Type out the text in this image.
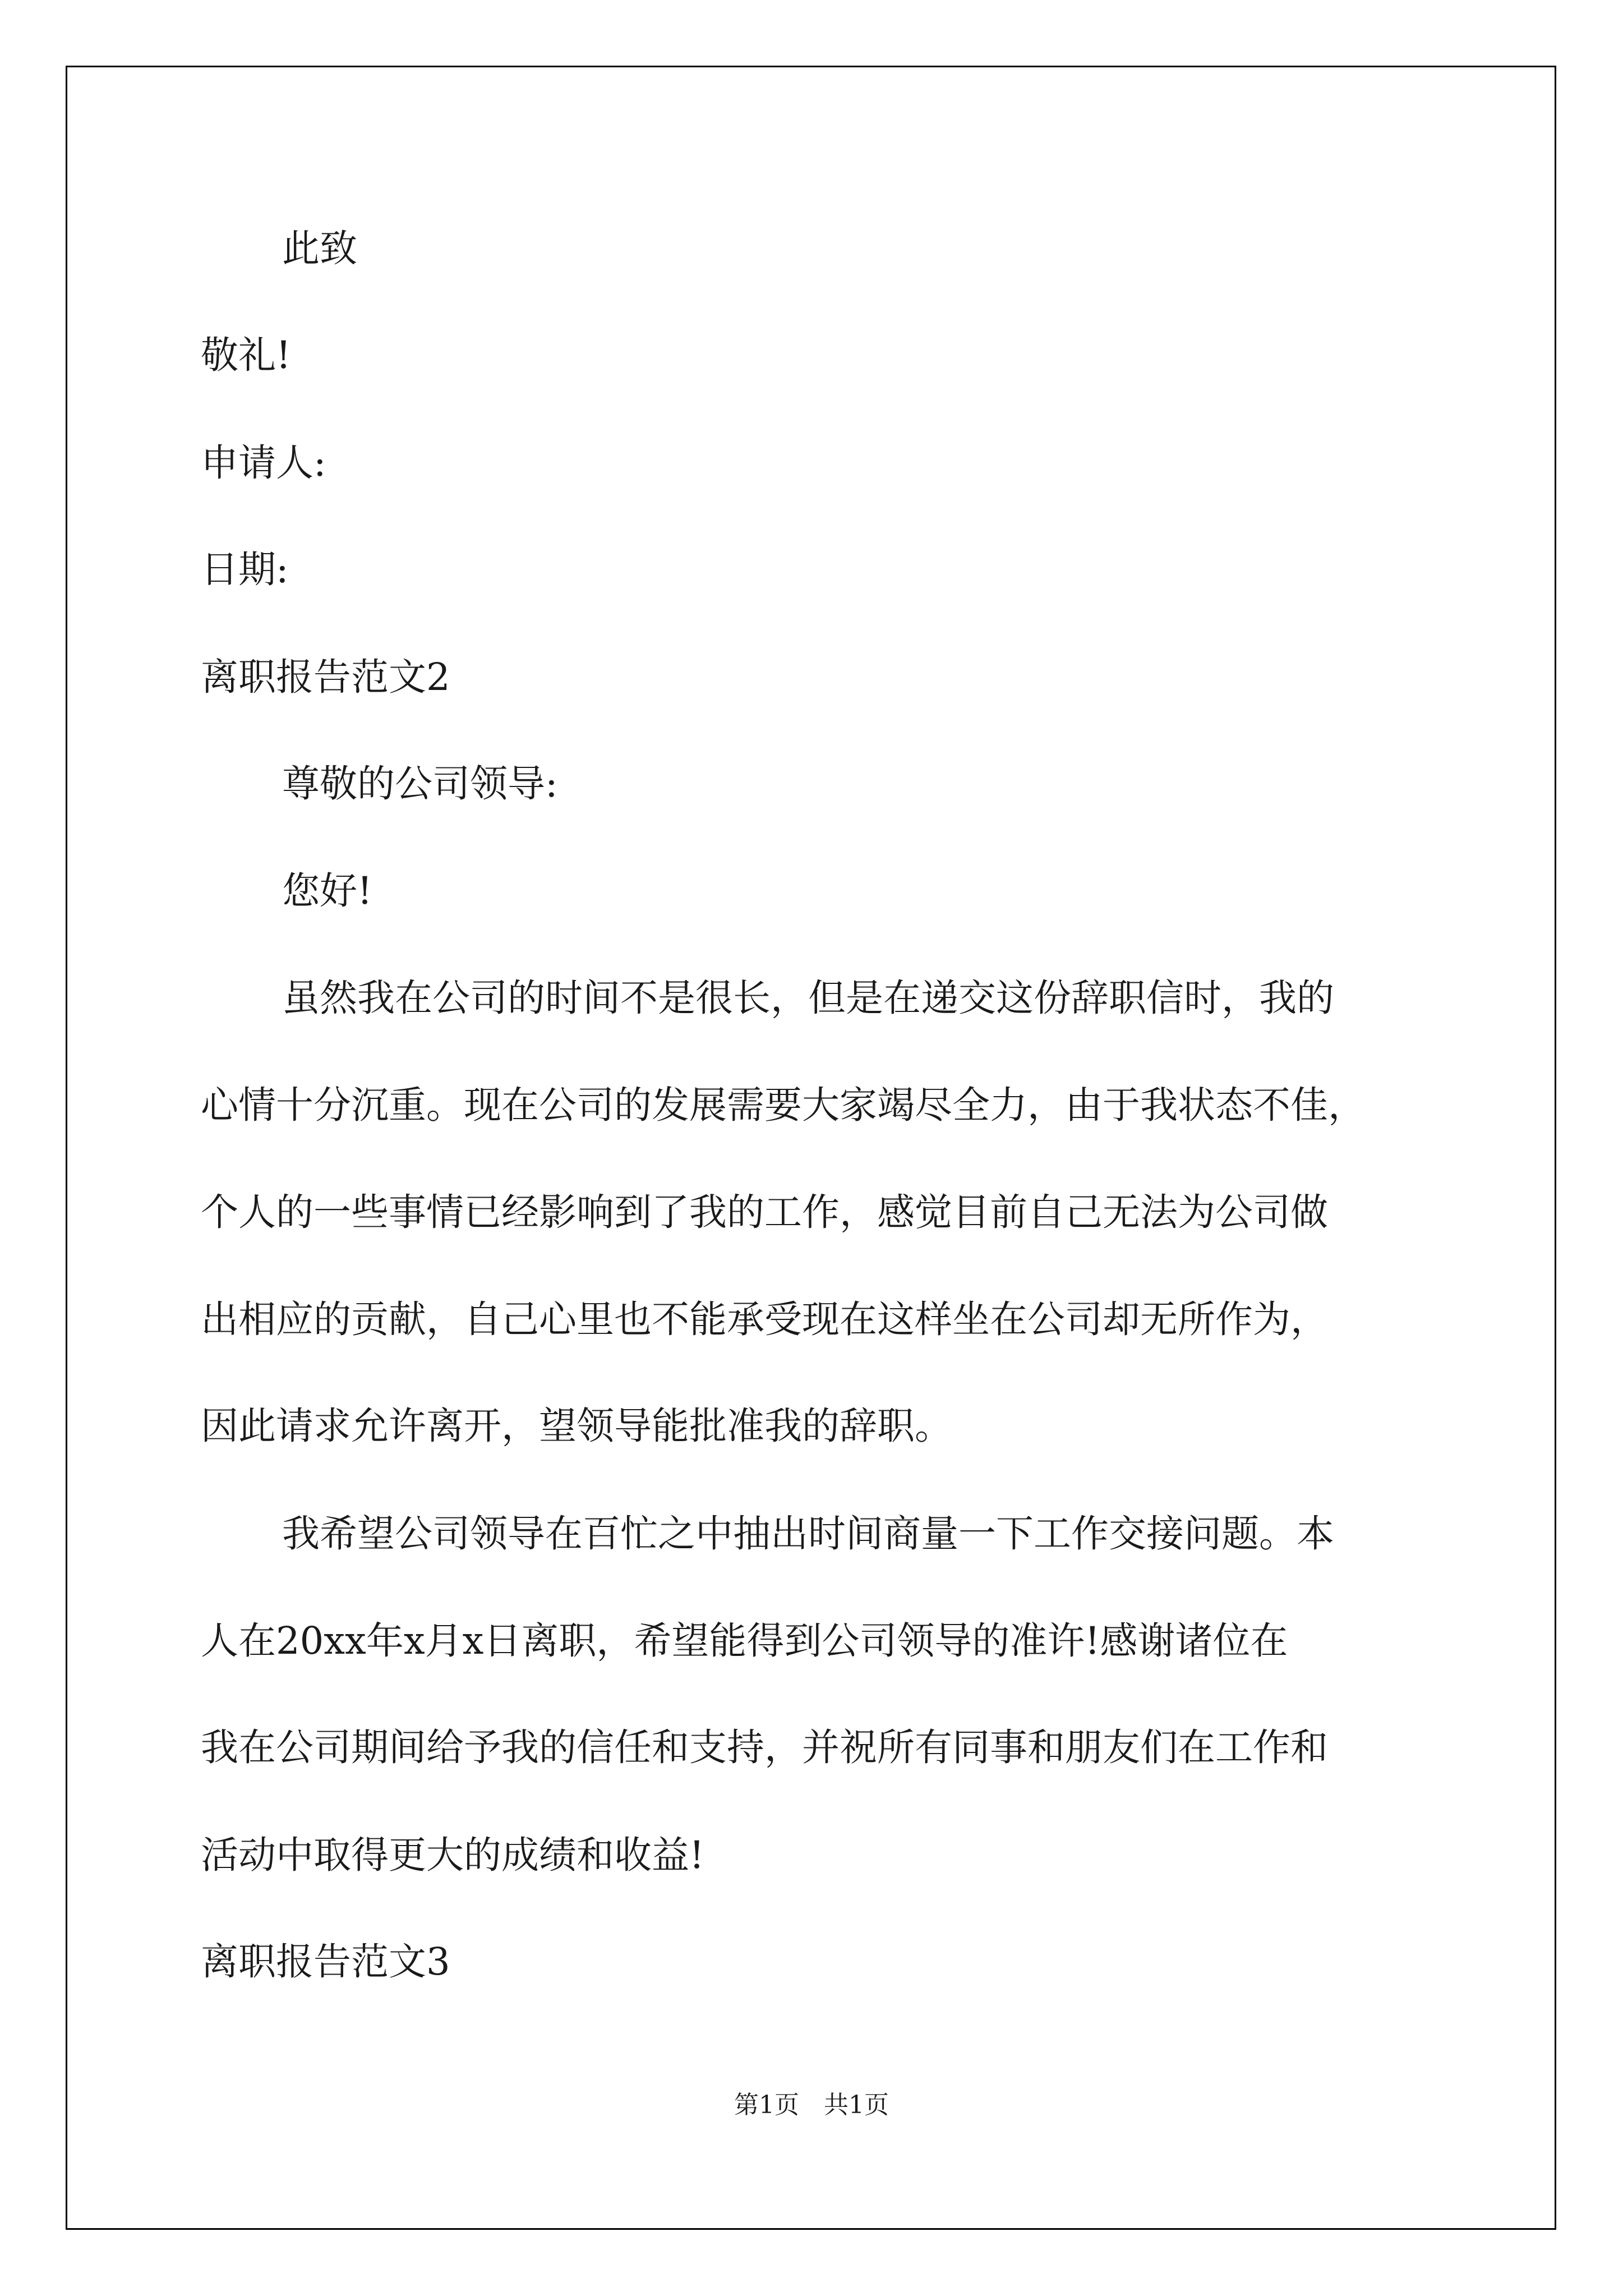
此致

敬礼!

申请人:

日期:

离职报告范文2

尊敬的公司领导:

您好!

虽然我在公司的时间不是很长，但是在递交这份辞职信时，我的

心情十分沉重。现在公司的发展需要大家竭尽全力，由于我状态不佳，

个人的一些事情已经影响到了我的工作，感觉目前自己无法为公司做

出相应的贡献，自己心里也不能承受现在这样坐在公司却无所作为，

因此请求允许离开，望领导能批准我的辞职。

我希望公司领导在百忙之中抽出时间商量一下工作交接问题。本

人在20xx年x月x日离职，希望能得到公司领导的准许!感谢诸位在

我在公司期间给予我的信任和支持，并祝所有同事和朋友们在工作和

活动中取得更大的成绩和收益!

离职报告范文3

第1页　共1页
